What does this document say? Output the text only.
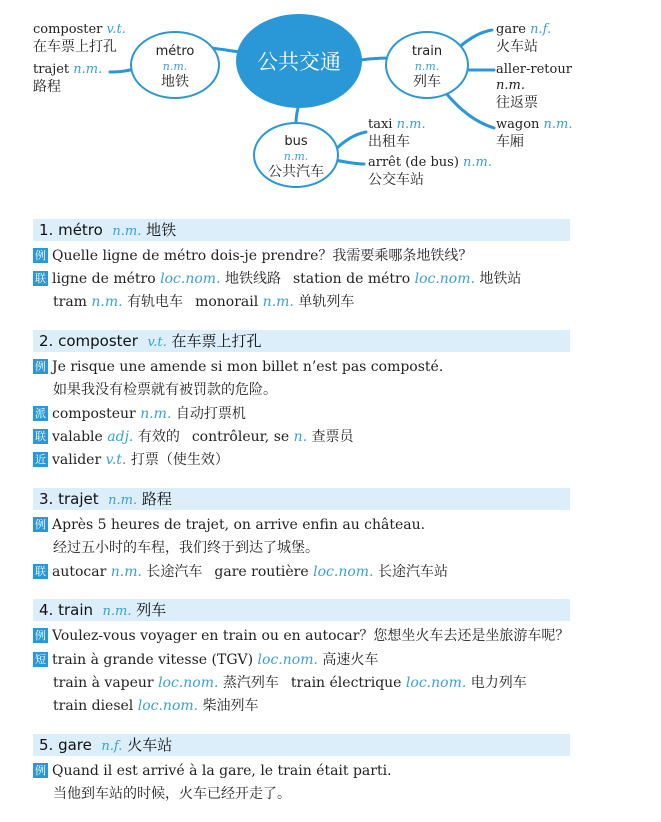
公共交通
métro
n.m.
地铁
train
n.m.
列车
bus
n.m.
公共汽车
composter v.t.
在车票上打孔
trajet n.m.
路程
gare n.f.
火车站
aller-retour
n.m.
往返票
wagon n.m.
车厢
taxi n.m.
出租车
arrêt (de bus) n.m.
公交车站
1. métro n.m. 地铁
例 Quelle ligne de métro dois-je prendre？我需要乘哪条地铁线？
联 ligne de métro loc.nom. 地铁线路 station de métro loc.nom. 地铁站
tram n.m. 有轨电车 monorail n.m. 单轨列车
2. composter v.t. 在车票上打孔
例 Je risque une amende si mon billet n’est pas composté.
如果我没有检票就有被罚款的危险。
派 composteur n.m. 自动打票机
联 valable adj. 有效的 contrôleur, se n. 查票员
近 valider v.t. 打票（使生效）
3. trajet n.m. 路程
例 Après 5 heures de trajet, on arrive enfin au château.
经过五小时的车程，我们终于到达了城堡。
联 autocar n.m. 长途汽车 gare routière loc.nom. 长途汽车站
4. train n.m. 列车
例 Voulez-vous voyager en train ou en autocar？您想坐火车去还是坐旅游车呢？
短 train à grande vitesse (TGV) loc.nom. 高速火车
train à vapeur loc.nom. 蒸汽列车 train électrique loc.nom. 电力列车
train diesel loc.nom. 柴油列车
5. gare n.f. 火车站
例 Quand il est arrivé à la gare, le train était parti.
当他到车站的时候，火车已经开走了。
